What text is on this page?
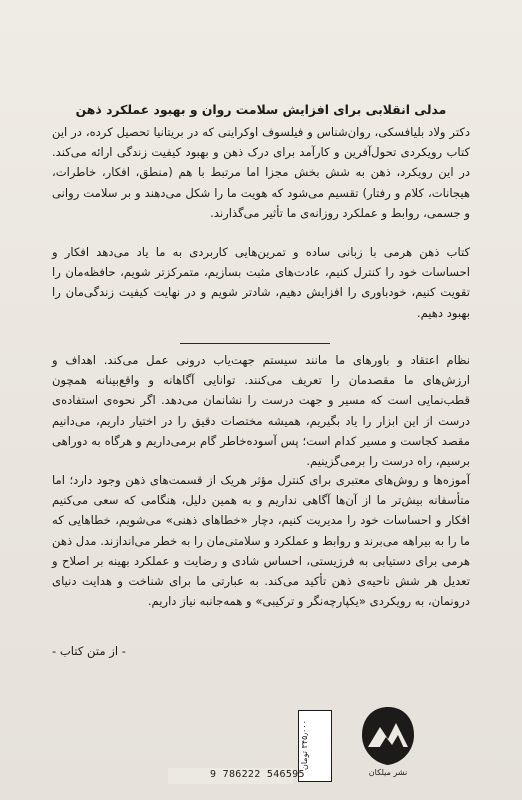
مدلی انقلابی برای افزایش سلامت روان و بهبود عملکرد ذهن

دکتر ولاد بلیافسکی، روان‌شناس و فیلسوف اوکراینی که در بریتانیا تحصیل کرده، در این کتاب رویکردی تحول‌آفرین و کارآمد برای درک ذهن و بهبود کیفیت زندگی ارائه می‌کند. در این رویکرد، ذهن به شش بخش مجزا اما مرتبط با هم (منطق، افکار، خاطرات، هیجانات، کلام و رفتار) تقسیم می‌شود که هویت ما را شکل می‌دهند و بر سلامت روانی و جسمی، روابط و عملکرد روزانه‌ی ما تأثیر می‌گذارند.

کتاب ذهن هرمی با زبانی ساده و تمرین‌هایی کاربردی به ما یاد می‌دهد افکار و احساسات خود را کنترل کنیم، عادت‌های مثبت بسازیم، متمرکزتر شویم، حافظه‌مان را تقویت کنیم، خودباوری را افزایش دهیم، شادتر شویم و در نهایت کیفیت زندگی‌مان را بهبود دهیم.

نظام اعتقاد و باورهای ما مانند سیستم جهت‌یاب درونی عمل می‌کند. اهداف و ارزش‌های ما مقصدمان را تعریف می‌کنند. توانایی آگاهانه و واقع‌بینانه همچون قطب‌نمایی است که مسیر و جهت درست را نشانمان می‌دهد. اگر نحوه‌ی استفاده‌ی درست از این ابزار را یاد بگیریم، همیشه مختصات دقیق را در اختیار داریم، می‌دانیم مقصد کجاست و مسیر کدام است؛ پس آسوده‌خاطر گام برمی‌داریم و هرگاه به دوراهی برسیم، راه درست را برمی‌گزینیم.

آموزه‌ها و روش‌های معتبری برای کنترل مؤثر هریک از قسمت‌های ذهن وجود دارد؛ اما متأسفانه بیش‌تر ما از آن‌ها آگاهی نداریم و به همین دلیل، هنگامی که سعی می‌کنیم افکار و احساسات خود را مدیریت کنیم، دچار «خطاهای ذهنی» می‌شویم، خطاهایی که ما را به بیراهه می‌برند و روابط و عملکرد و سلامتی‌مان را به خطر می‌اندازند. مدل ذهن هرمی برای دستیابی به فرزیستی، احساس شادی و رضایت و عملکرد بهینه بر اصلاح و تعدیل هر شش ناحیه‌ی ذهن تأکید می‌کند. به عبارتی ما برای شناخت و هدایت دنیای درونمان، به رویکردی «یکپارچه‌نگر و ترکیبی» و همه‌جانبه نیاز داریم.

- از متن کتاب -
نشر میلکان
۳۴۵٫۰۰۰ تومان
9 786222 546595
